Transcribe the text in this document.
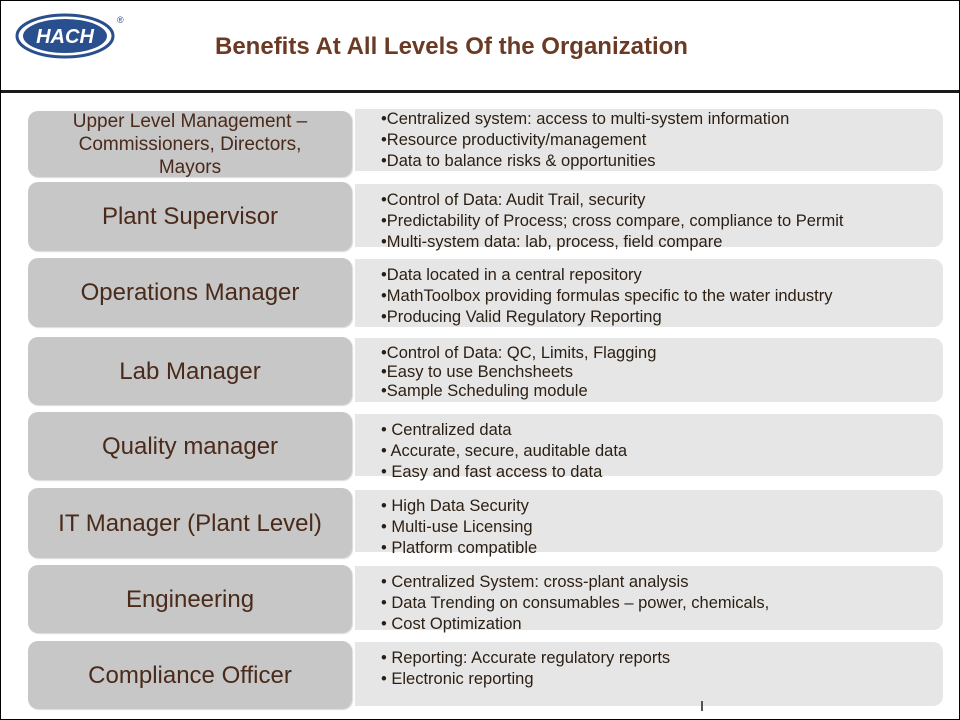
HACH
®
Benefits At All Levels Of the Organization
Upper Level Management –
Commissioners, Directors,
Mayors
•Centralized system: access to multi-system information
•Resource productivity/management
•Data to balance risks & opportunities
Plant Supervisor
•Control of Data: Audit Trail, security
•Predictability of Process; cross compare, compliance to Permit
•Multi-system data: lab, process, field compare
Operations Manager
•Data located in a central repository
•MathToolbox providing formulas specific to the water industry
•Producing Valid Regulatory Reporting
Lab Manager
•Control of Data: QC, Limits, Flagging
•Easy to use Benchsheets
•Sample Scheduling module
Quality manager
• Centralized data
• Accurate, secure, auditable data
• Easy and fast access to data
IT Manager (Plant Level)
• High Data Security
• Multi-use Licensing
• Platform compatible
Engineering
• Centralized System: cross-plant analysis
• Data Trending on consumables – power, chemicals,
• Cost Optimization
Compliance Officer
• Reporting: Accurate regulatory reports
• Electronic reporting
